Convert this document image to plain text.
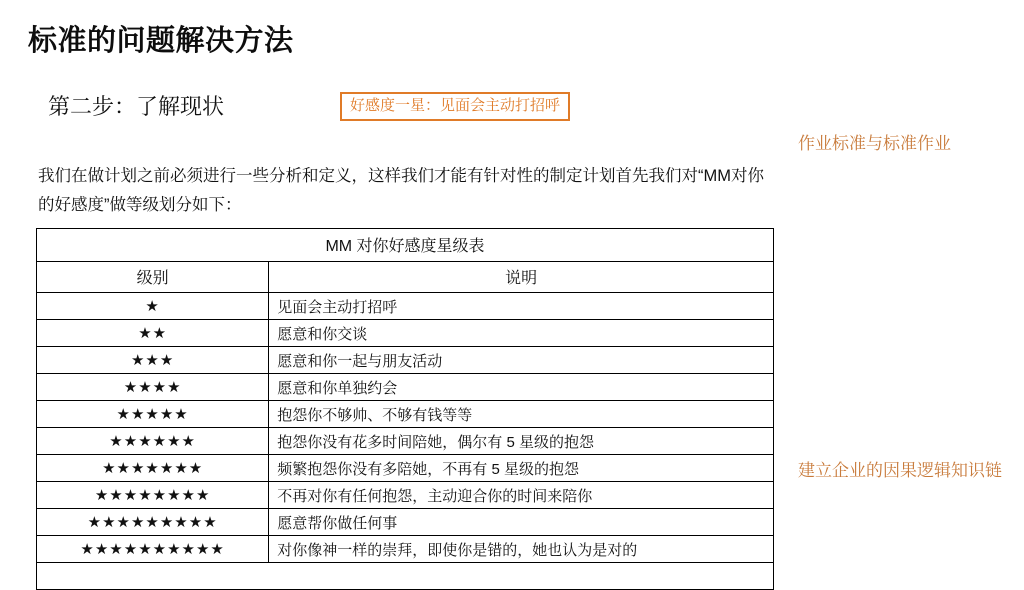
标准的问题解决方法
第二步：了解现状	好感度一星：见面会主动打招呼
我们在做计划之前必须进行一些分析和定义，这样我们才能有针对性的制定计划首先我们对“MM对你的好感度”做等级划分如下：
作业标准与标准作业
建立企业的因果逻辑知识链
MM 对你好感度星级表	
级别	说明
★	见面会主动打招呼
★★	愿意和你交谈
★★★	愿意和你一起与朋友活动
★★★★	愿意和你单独约会
★★★★★	抱怨你不够帅、不够有钱等等
★★★★★★	抱怨你没有花多时间陪她，偶尔有 5 星级的抱怨
★★★★★★★	频繁抱怨你没有多陪她，不再有 5 星级的抱怨
★★★★★★★★	不再对你有任何抱怨，主动迎合你的时间来陪你
★★★★★★★★★	愿意帮你做任何事
★★★★★★★★★★	对你像神一样的崇拜，即使你是错的，她也认为是对的
